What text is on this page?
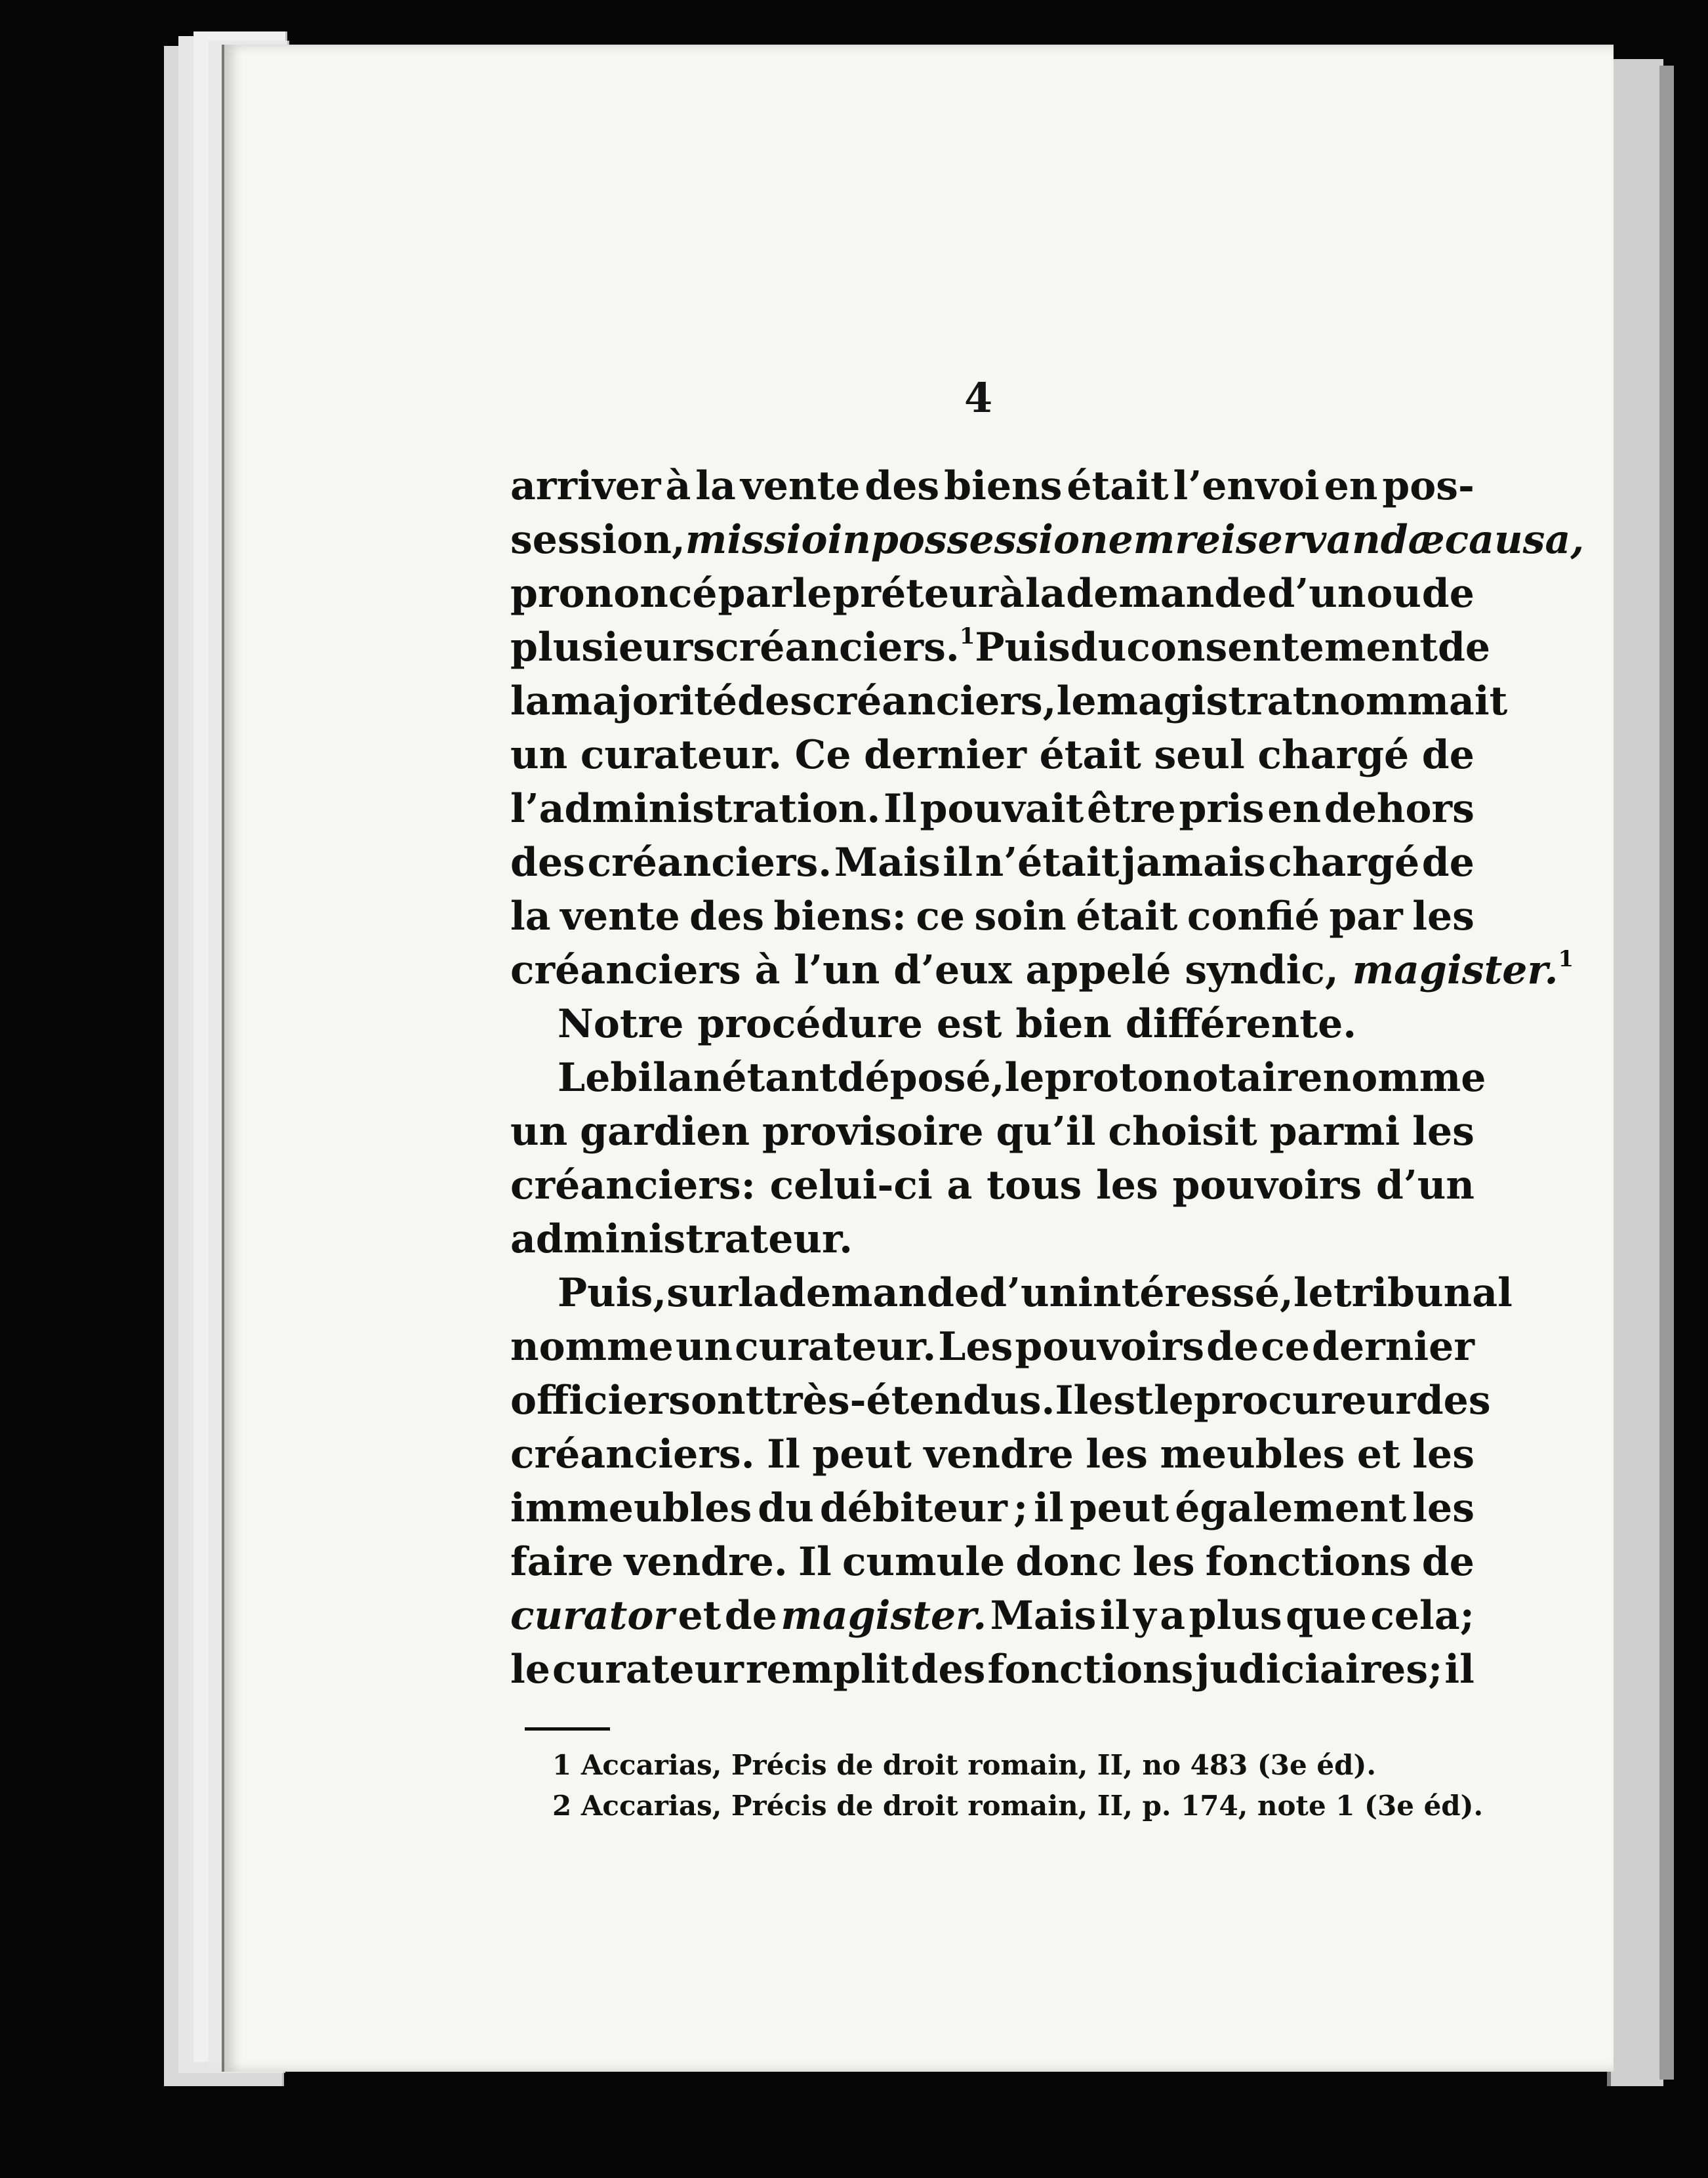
4
arriver à la vente des biens était l’envoi en pos-
session, missio in possessionem rei servandæ causa,
prononcé par le préteur à la demande d’un ou de
plusieurs créanciers.$^1$ Puis du consentement de
la majorité des créanciers, le magistrat nommait
un curateur. Ce dernier était seul chargé de
l’administration. Il pouvait être pris en dehors
des créanciers. Mais il n’était jamais chargé de
la vente des biens: ce soin était confié par les
créanciers
à
l’un
d’eux
appelé
syndic,
magister.$^1$
Notre
procédure
est
bien
différente.
Le bilan étant déposé, le protonotaire nomme
un gardien provisoire qu’il choisit parmi les
créanciers: celui-ci a tous les pouvoirs d’un
administrateur.
Puis, sur la demande d’un intéressé, le tribunal
nomme un curateur. Les pouvoirs de ce dernier
officier sont très-étendus. Il est le procureur des
créanciers. Il peut vendre les meubles et les
immeubles du débiteur ; il peut également les
faire vendre. Il cumule donc les fonctions de
curator et de magister. Mais il y a plus que cela;
le curateur remplit des fonctions judiciaires; il
1 Accarias, Précis de droit romain, II, no 483 (3e éd).
2 Accarias, Précis de droit romain, II, p. 174, note 1 (3e éd).
